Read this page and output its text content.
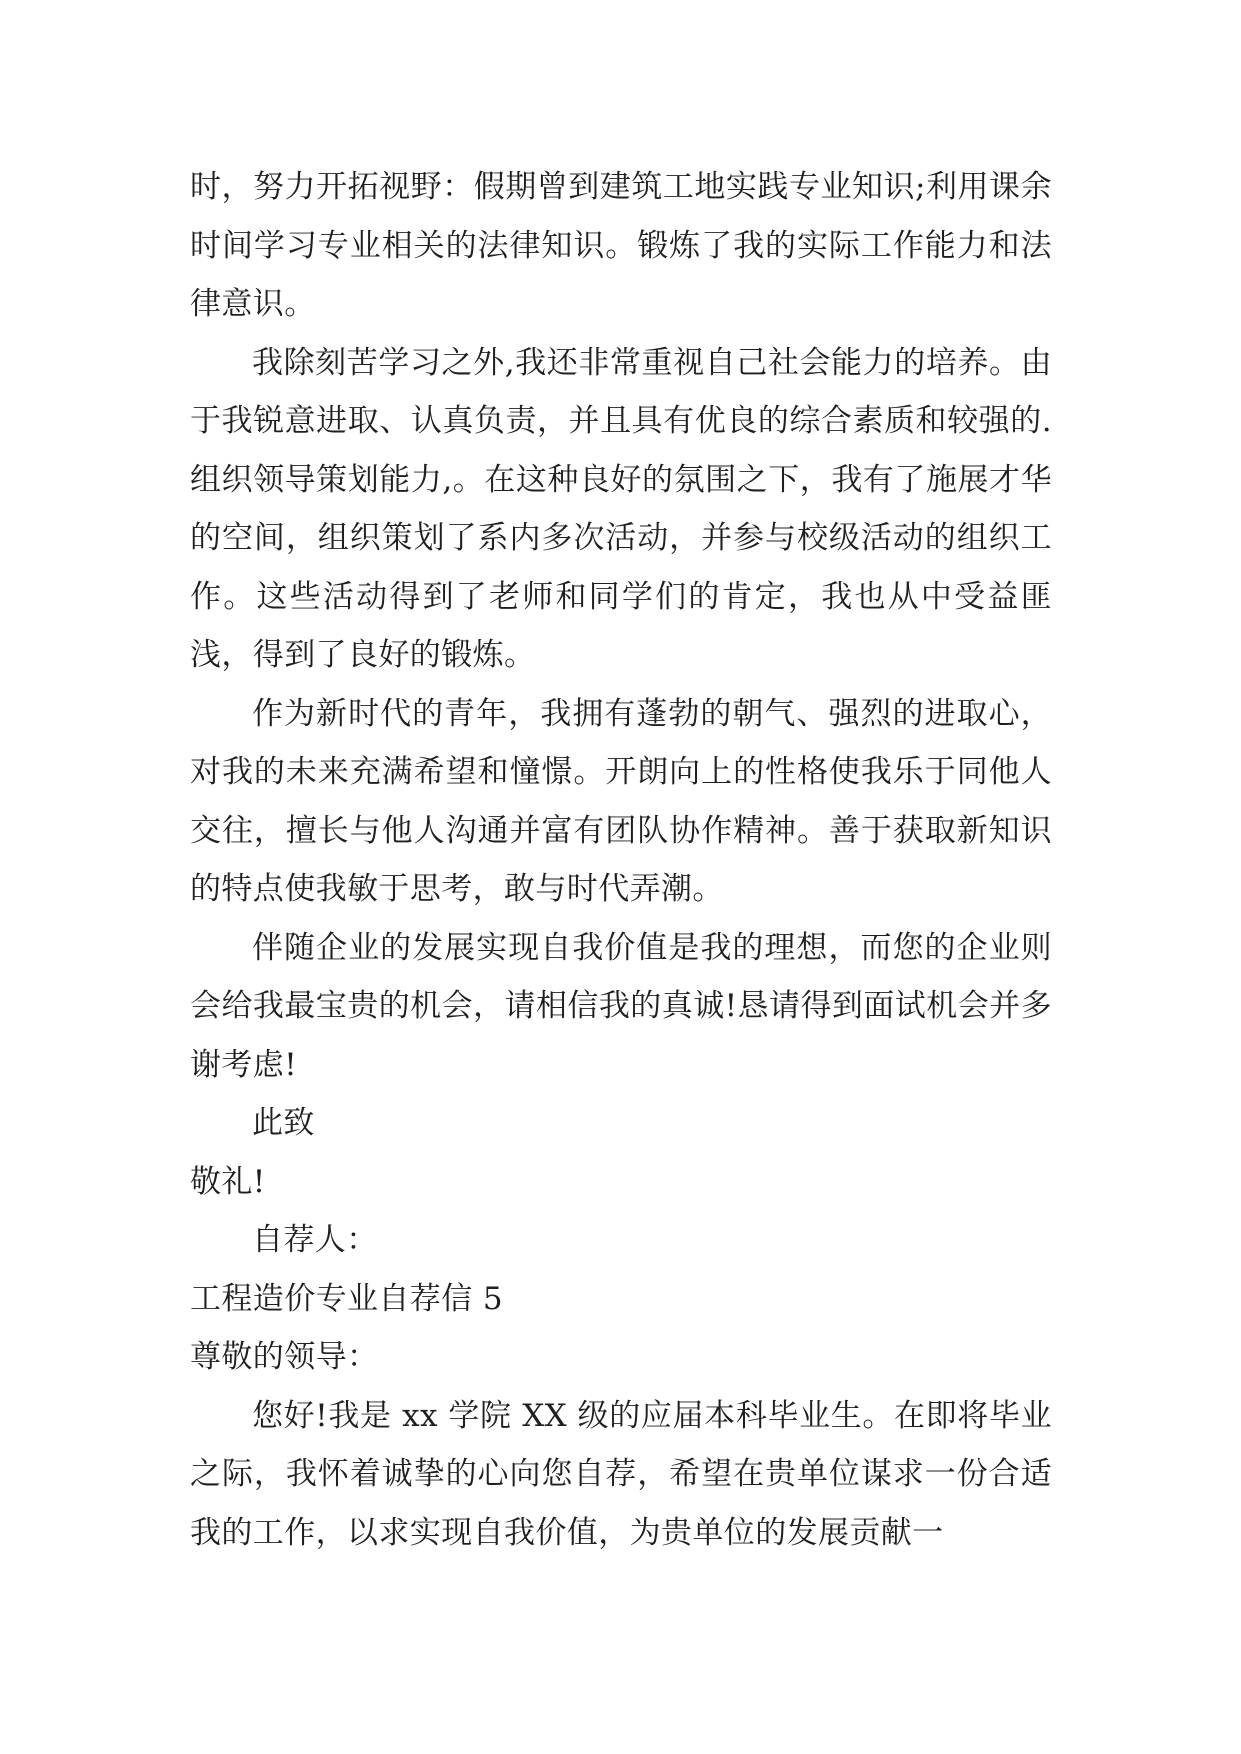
时，努力开拓视野：假期曾到建筑工地实践专业知识;利用课余时间学习专业相关的法律知识。锻炼了我的实际工作能力和法律意识。

我除刻苦学习之外,我还非常重视自己社会能力的培养。由于我锐意进取、认真负责，并且具有优良的综合素质和较强的.组织领导策划能力,。在这种良好的氛围之下，我有了施展才华的空间，组织策划了系内多次活动，并参与校级活动的组织工作。这些活动得到了老师和同学们的肯定，我也从中受益匪浅，得到了良好的锻炼。

作为新时代的青年，我拥有蓬勃的朝气、强烈的进取心，对我的未来充满希望和憧憬。开朗向上的性格使我乐于同他人交往，擅长与他人沟通并富有团队协作精神。善于获取新知识的特点使我敏于思考，敢与时代弄潮。

伴随企业的发展实现自我价值是我的理想，而您的企业则会给我最宝贵的机会，请相信我的真诚!恳请得到面试机会并多谢考虑!

此致

敬礼!

自荐人：

工程造价专业自荐信 5

尊敬的领导：

您好!我是 xx 学院 XX 级的应届本科毕业生。在即将毕业之际，我怀着诚挚的心向您自荐，希望在贵单位谋求一份合适我的工作，以求实现自我价值，为贵单位的发展贡献一
